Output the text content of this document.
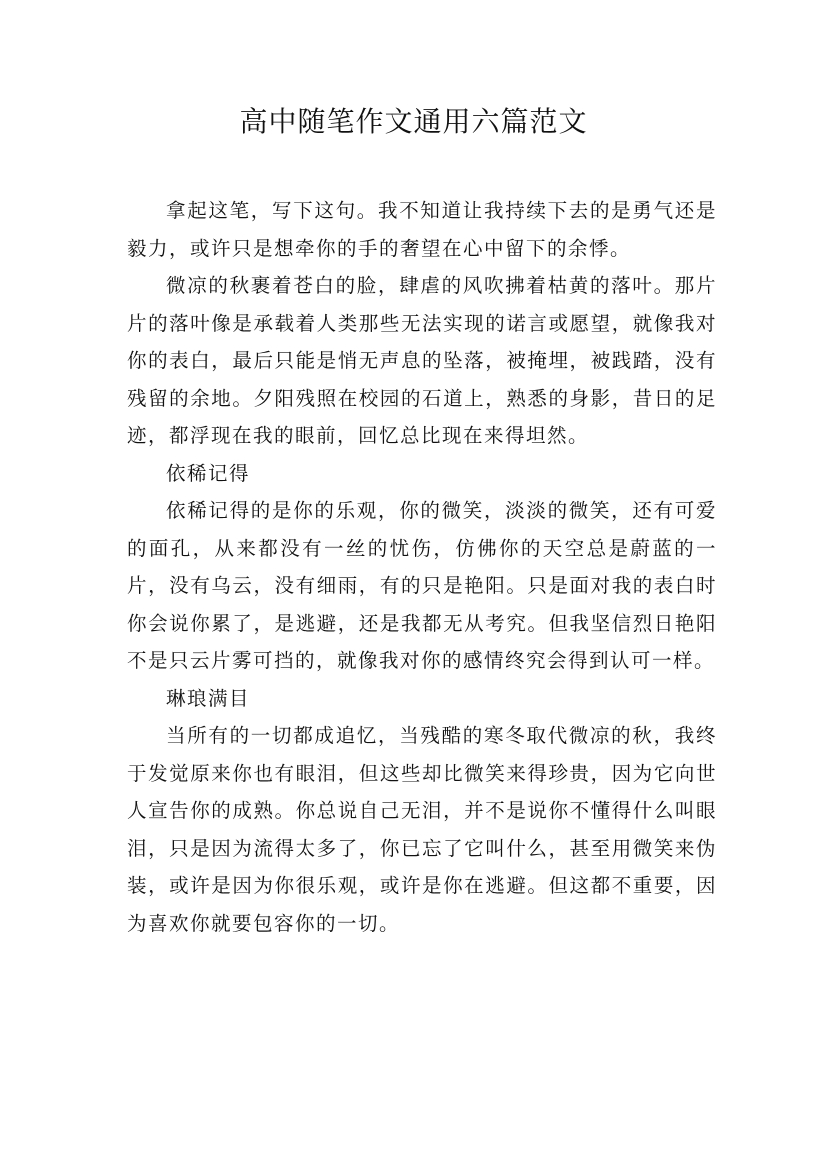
高中随笔作文通用六篇范文

拿起这笔，写下这句。我不知道让我持续下去的是勇气还是毅力，或许只是想牵你的手的奢望在心中留下的余悸。

微凉的秋裹着苍白的脸，肆虐的风吹拂着枯黄的落叶。那片片的落叶像是承载着人类那些无法实现的诺言或愿望，就像我对你的表白，最后只能是悄无声息的坠落，被掩埋，被践踏，没有残留的余地。夕阳残照在校园的石道上，熟悉的身影，昔日的足迹，都浮现在我的眼前，回忆总比现在来得坦然。

依稀记得

依稀记得的是你的乐观，你的微笑，淡淡的微笑，还有可爱的面孔，从来都没有一丝的忧伤，仿佛你的天空总是蔚蓝的一片，没有乌云，没有细雨，有的只是艳阳。只是面对我的表白时你会说你累了，是逃避，还是我都无从考究。但我坚信烈日艳阳不是只云片雾可挡的，就像我对你的感情终究会得到认可一样。

琳琅满目

当所有的一切都成追忆，当残酷的寒冬取代微凉的秋，我终于发觉原来你也有眼泪，但这些却比微笑来得珍贵，因为它向世人宣告你的成熟。你总说自己无泪，并不是说你不懂得什么叫眼泪，只是因为流得太多了，你已忘了它叫什么，甚至用微笑来伪装，或许是因为你很乐观，或许是你在逃避。但这都不重要，因为喜欢你就要包容你的一切。
